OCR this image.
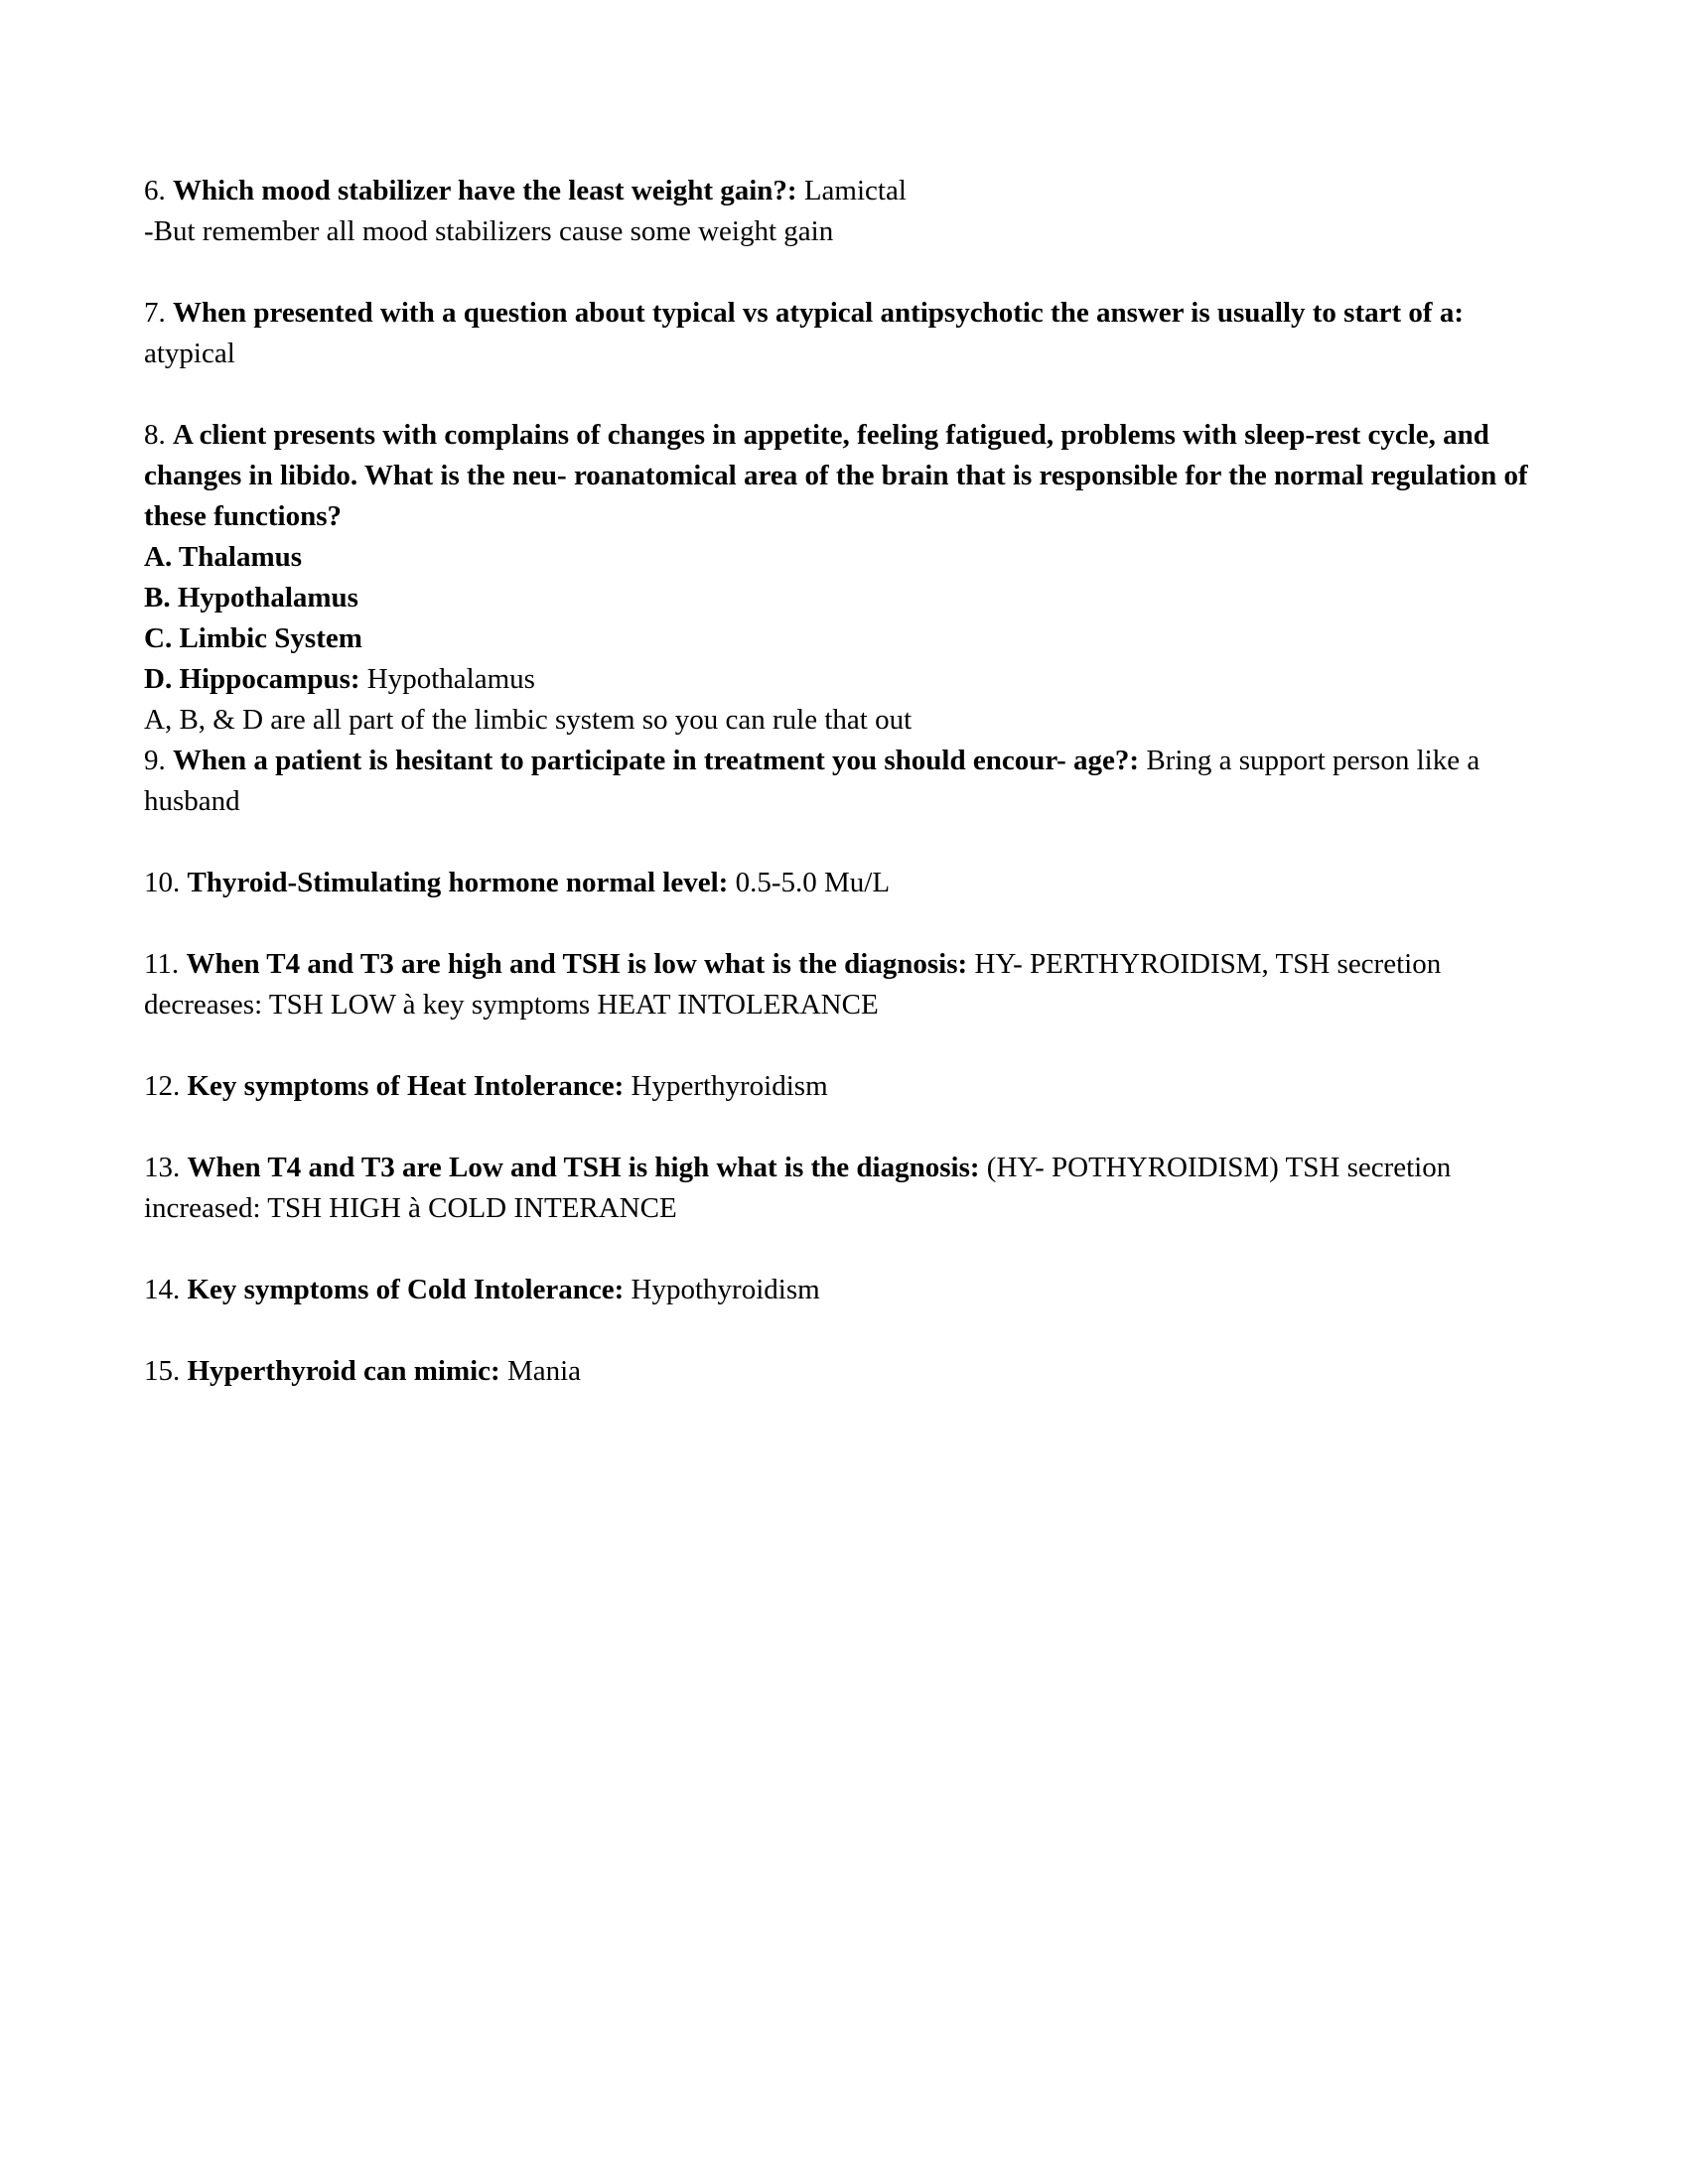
6. Which mood stabilizer have the least weight gain?: Lamictal

-But remember all mood stabilizers cause some weight gain

7. When presented with a question about typical vs atypical antipsychotic the answer is usually to start of a: atypical

8. A client presents with complains of changes in appetite, feeling fatigued, problems with sleep-rest cycle, and changes in libido. What is the neu- roanatomical area of the brain that is responsible for the normal regulation of these functions?

A. Thalamus

B. Hypothalamus

C. Limbic System

D. Hippocampus: Hypothalamus

A, B, & D are all part of the limbic system so you can rule that out

9. When a patient is hesitant to participate in treatment you should encour- age?: Bring a support person like a husband

10. Thyroid-Stimulating hormone normal level: 0.5-5.0 Mu/L

11. When T4 and T3 are high and TSH is low what is the diagnosis: HY- PERTHYROIDISM, TSH secretion decreases: TSH LOW à key symptoms HEAT INTOLERANCE

12. Key symptoms of Heat Intolerance: Hyperthyroidism

13. When T4 and T3 are Low and TSH is high what is the diagnosis: (HY- POTHYROIDISM) TSH secretion increased: TSH HIGH à COLD INTERANCE

14. Key symptoms of Cold Intolerance: Hypothyroidism

15. Hyperthyroid can mimic: Mania
